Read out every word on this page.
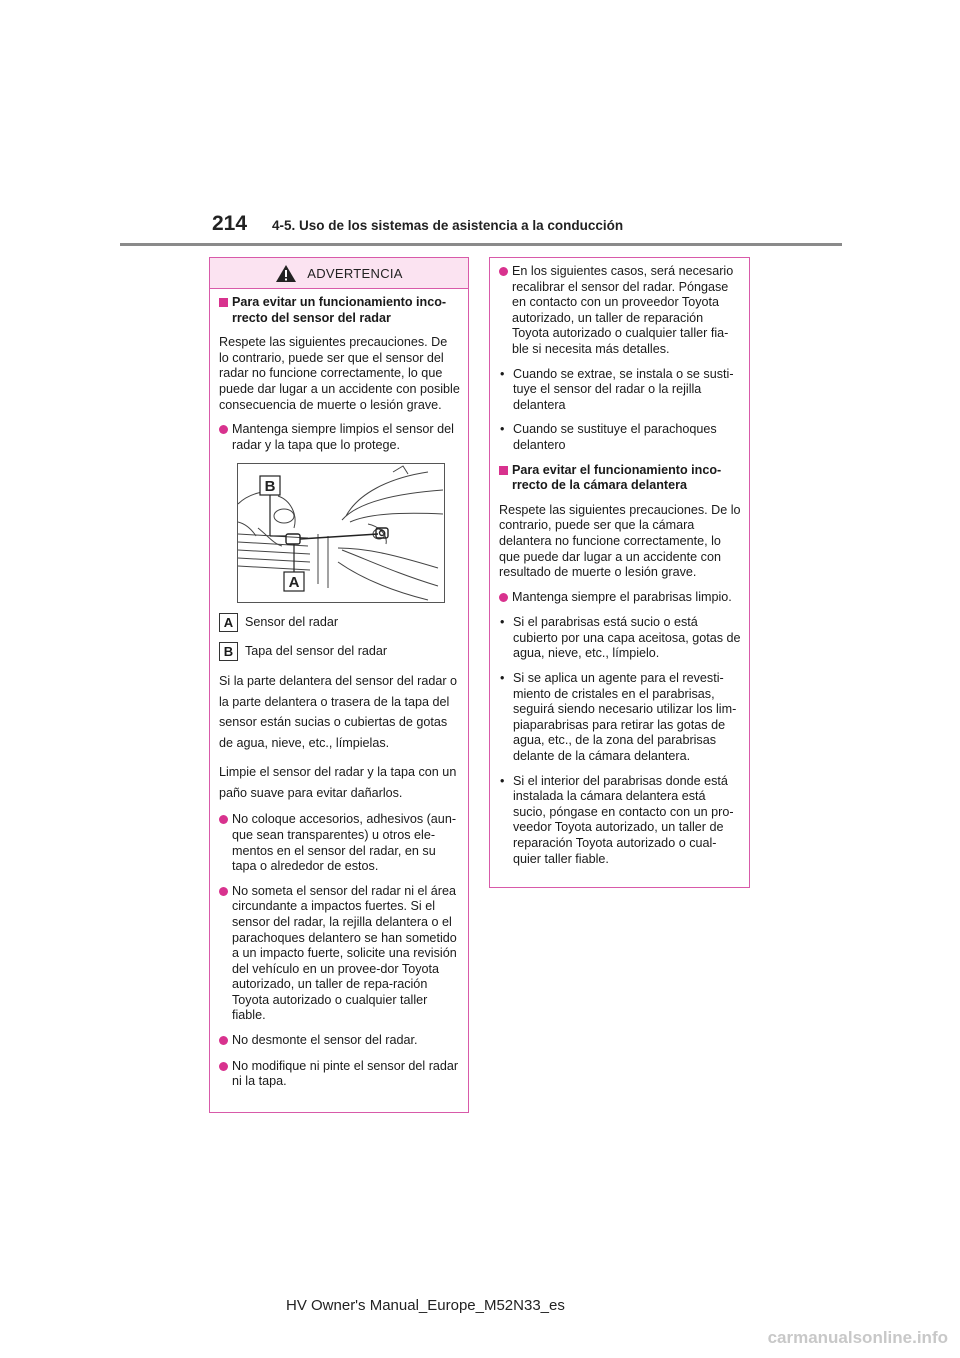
214 4-5. Uso de los sistemas de asistencia a la conducción
ADVERTENCIA
Para evitar un funcionamiento inco-rrecto del sensor del radar
Respete las siguientes precauciones. De lo contrario, puede ser que el sensor del radar no funcione correctamente, lo que puede dar lugar a un accidente con posible consecuencia de muerte o lesión grave.
Mantenga siempre limpios el sensor del radar y la tapa que lo protege.
B
A
A Sensor del radar
B Tapa del sensor del radar
Si la parte delantera del sensor del radar o la parte delantera o trasera de la tapa del sensor están sucias o cubiertas de gotas de agua, nieve, etc., límpielas.
Limpie el sensor del radar y la tapa con un paño suave para evitar dañarlos.
No coloque accesorios, adhesivos (aun-que sean transparentes) u otros ele-mentos en el sensor del radar, en su tapa o alrededor de estos.
No someta el sensor del radar ni el área circundante a impactos fuertes. Si el sensor del radar, la rejilla delantera o el parachoques delantero se han sometido a un impacto fuerte, solicite una revisión del vehículo en un provee-dor Toyota autorizado, un taller de repa-ración Toyota autorizado o cualquier taller fiable.
No desmonte el sensor del radar.
No modifique ni pinte el sensor del radar ni la tapa.
En los siguientes casos, será necesario recalibrar el sensor del radar. Póngase en contacto con un proveedor Toyota autorizado, un taller de reparación Toyota autorizado o cualquier taller fia-ble si necesita más detalles.
• Cuando se extrae, se instala o se susti-tuye el sensor del radar o la rejilla delantera
• Cuando se sustituye el parachoques delantero
Para evitar el funcionamiento inco-rrecto de la cámara delantera
Respete las siguientes precauciones. De lo contrario, puede ser que la cámara delantera no funcione correctamente, lo que puede dar lugar a un accidente con resultado de muerte o lesión grave.
Mantenga siempre el parabrisas limpio.
• Si el parabrisas está sucio o está cubierto por una capa aceitosa, gotas de agua, nieve, etc., límpielo.
• Si se aplica un agente para el revesti-miento de cristales en el parabrisas, seguirá siendo necesario utilizar los lim-piaparabrisas para retirar las gotas de agua, etc., de la zona del parabrisas delante de la cámara delantera.
• Si el interior del parabrisas donde está instalada la cámara delantera está sucio, póngase en contacto con un pro-veedor Toyota autorizado, un taller de reparación Toyota autorizado o cual-quier taller fiable.
HV Owner's Manual_Europe_M52N33_es
carmanualsonline.info
